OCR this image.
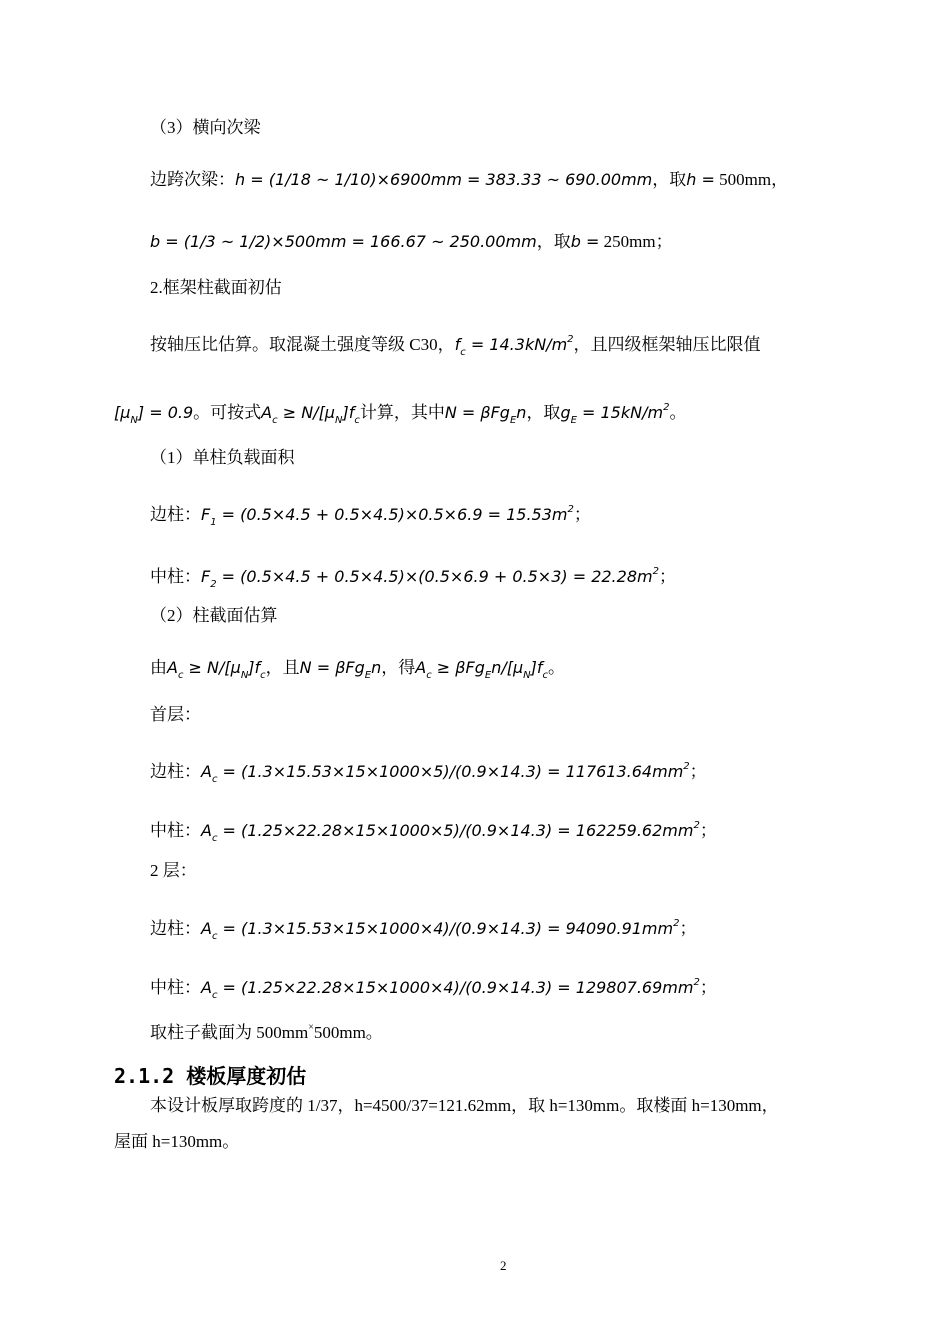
（3）横向次梁
边跨次梁：h = (1/18 ~ 1/10)×6900mm = 383.33 ~ 690.00mm，取h = 500mm，
b = (1/3 ~ 1/2)×500mm = 166.67 ~ 250.00mm，取b = 250mm；
2.框架柱截面初估
按轴压比估算。取混凝土强度等级 C30，$f_c = 14.3kN/m^2$，且四级框架轴压比限值
$[\mu_N] = 0.9$。可按式$A_c \ge N/[\mu_N]f_c$计算，其中N = βFg$_E$n，取$g_E = 15kN/m^2$。
（1）单柱负载面积
边柱：$F_1 = (0.5\times 4.5 + 0.5\times 4.5)\times 0.5\times 6.9 = 15.53m^2$；
中柱：$F_2 = (0.5\times 4.5 + 0.5\times 4.5)\times(0.5\times 6.9 + 0.5\times 3) = 22.28m^2$；
（2）柱截面估算
由$A_c \ge N/[\mu_N]f_c$，且N = βFg$_E$n，得$A_c \ge \beta Fg_En/[\mu_N]f_c$。
首层：
边柱：$A_c = (1.3\times 15.53\times 15\times 1000\times 5)/(0.9\times 14.3) = 117613.64mm^2$；
中柱：$A_c = (1.25\times 22.28\times 15\times 1000\times 5)/(0.9\times 14.3) = 162259.62mm^2$；
2 层：
边柱：$A_c = (1.3\times 15.53\times 15\times 1000\times 4)/(0.9\times 14.3) = 94090.91mm^2$；
中柱：$A_c = (1.25\times 22.28\times 15\times 1000\times 4)/(0.9\times 14.3) = 129807.69mm^2$；
取柱子截面为 500mm×500mm。
2.1.2 楼板厚度初估
本设计板厚取跨度的 1/37，h=4500/37=121.62mm，取 h=130mm。取楼面 h=130mm，
屋面 h=130mm。
2
